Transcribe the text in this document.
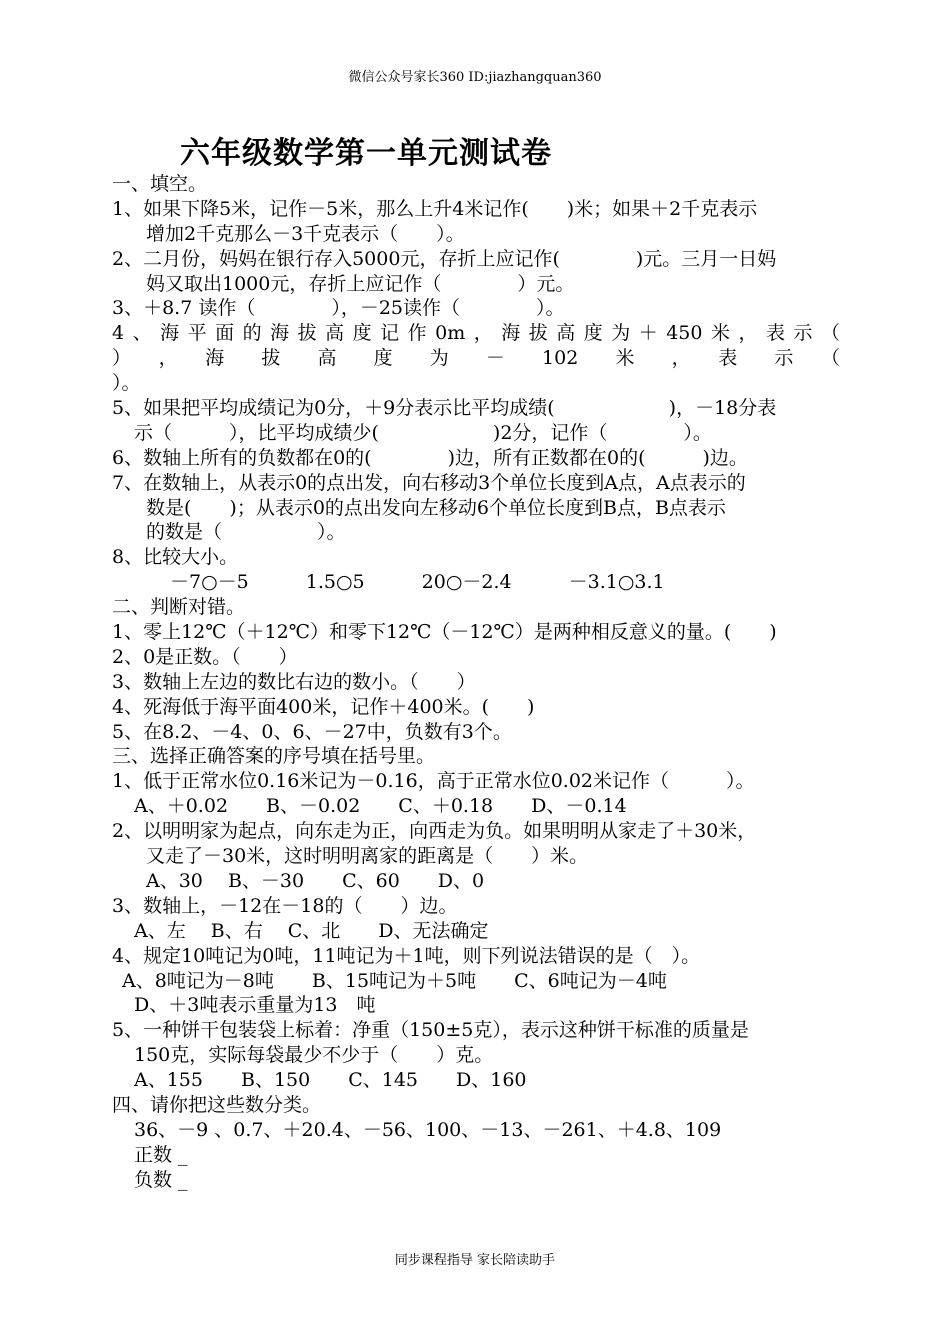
微信公众号家长360 ID:jiazhangquan360
六年级数学第一单元测试卷
一、填空。
1、如果下降5米，记作－5米，那么上升4米记作(　　)米；如果＋2千克表示
增加2千克那么－3千克表示（　　）。
2、二月份，妈妈在银行存入5000元，存折上应记作(　　　　)元。三月一日妈
妈又取出1000元，存折上应记作（　　　　）元。
3、＋8.7 读作（　　　　），－25读作（　　　　）。
4、海平面的海拔高度记作0m，海拔高度为＋450米，表示（
）　，　海　拔　高　度　为　－　102　米　，　表　示　（
）。
5、如果把平均成绩记为0分，＋9分表示比平均成绩(　　　　　　)，－18分表
示（　　　），比平均成绩少(　　　　　　)2分，记作（　　　　）。
6、数轴上所有的负数都在0的(　　　　)边，所有正数都在0的(　　　)边。
7、在数轴上，从表示0的点出发，向右移动3个单位长度到A点，A点表示的
数是(　　)；从表示0的点出发向左移动6个单位长度到B点，B点表示
的数是（　　　　　）。
8、比较大小。
－7○－5　　　1.5○5　　　20○－2.4　　　－3.1○3.1
二、判断对错。
1、零上12℃（＋12℃）和零下12℃（－12℃）是两种相反意义的量。(　　)
2、0是正数。（　　）
3、数轴上左边的数比右边的数小。（　　）
4、死海低于海平面400米，记作＋400米。(　　)
5、在8.2、－4、0、6、－27中，负数有3个。
三、选择正确答案的序号填在括号里。
1、低于正常水位0.16米记为－0.16，高于正常水位0.02米记作（　　　）。
A、＋0.02　　B、－0.02　　C、＋0.18　　D、－0.14
2、以明明家为起点，向东走为正，向西走为负。如果明明从家走了＋30米，
又走了－30米，这时明明离家的距离是（　　）米。
A、30　 B、－30　　C、60　　D、0
3、数轴上，－12在－18的（　　）边。
A、左　 B、右　 C、北　　D、无法确定
4、规定10吨记为0吨，11吨记为＋1吨，则下列说法错误的是（　）。
A、8吨记为－8吨　　B、15吨记为＋5吨　　C、6吨记为－4吨
D、＋3吨表示重量为13　吨
5、一种饼干包装袋上标着：净重（150±5克），表示这种饼干标准的质量是
150克，实际每袋最少不少于（　　）克。
A、155　　B、150　　C、145　　D、160
四、请你把这些数分类。
36、－9 、0.7、＋20.4、－56、100、－13、－261、＋4.8、109
正数 _
负数 _
同步课程指导 家长陪读助手
